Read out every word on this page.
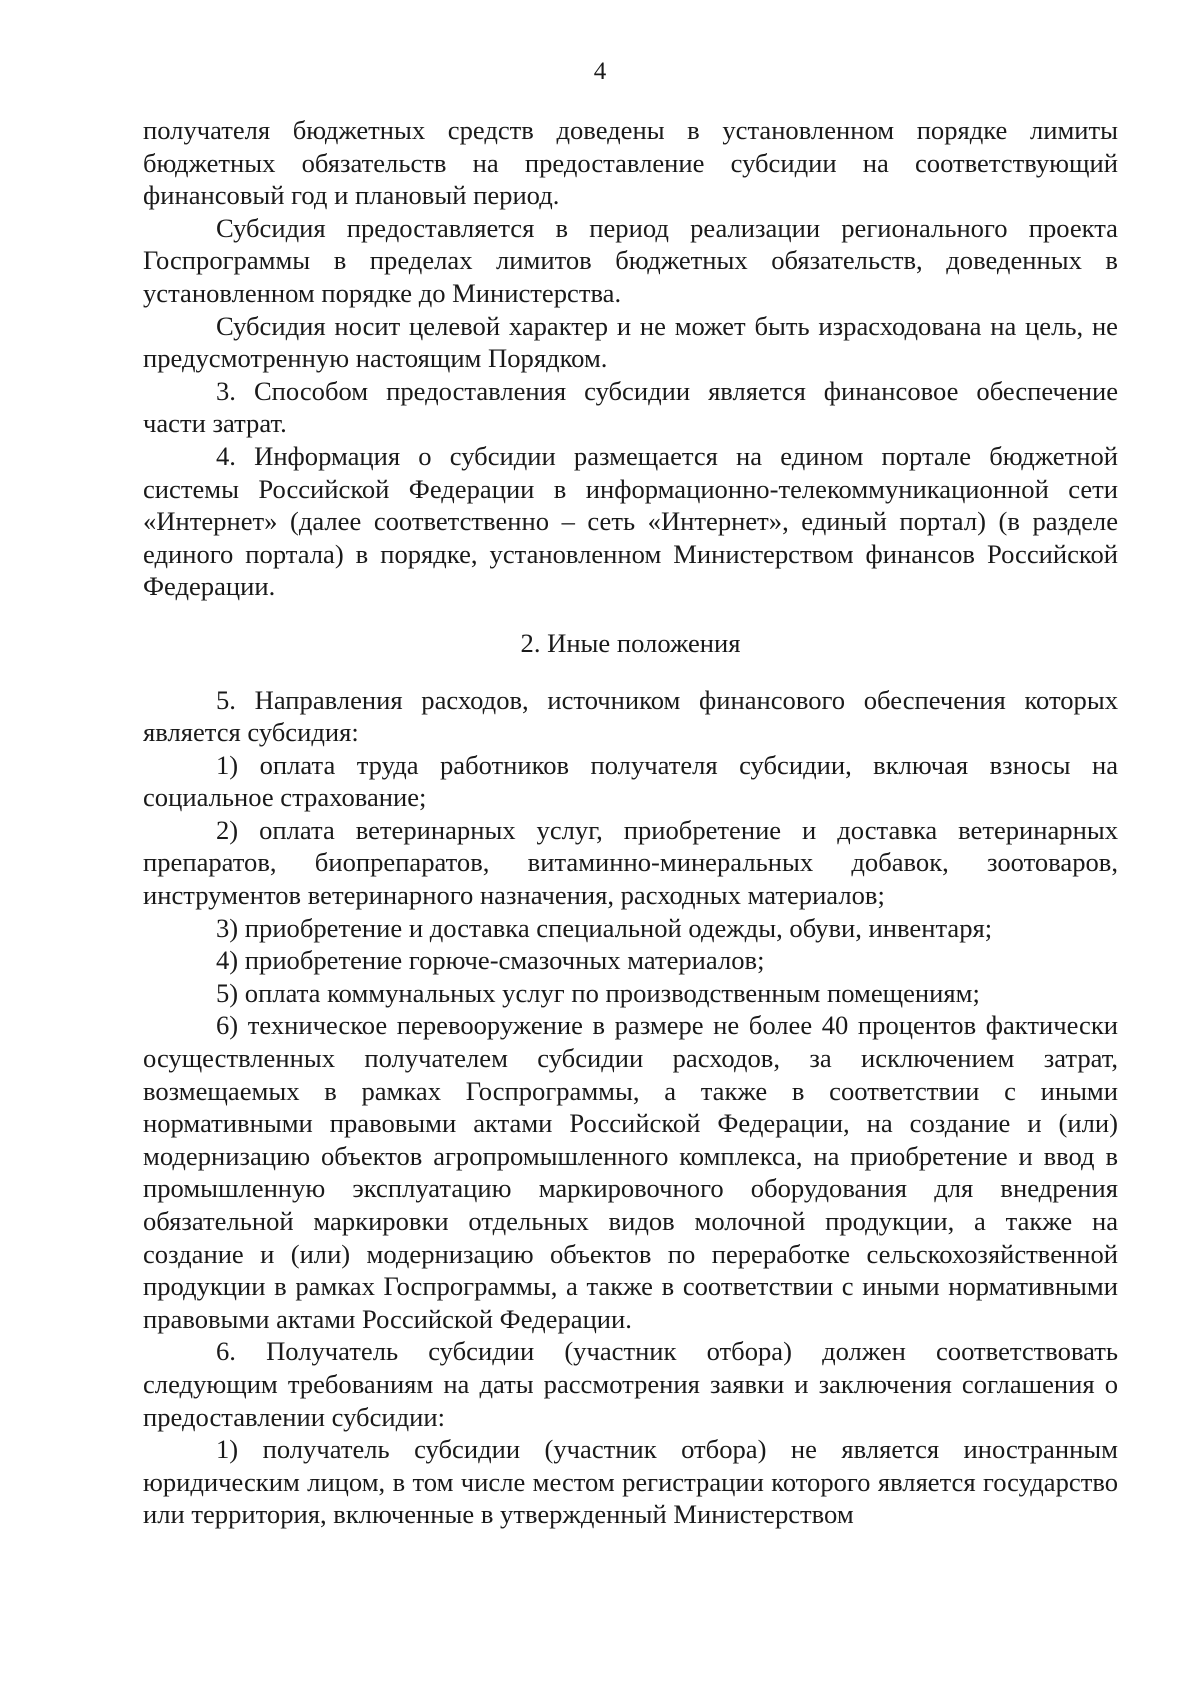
4

получателя бюджетных средств доведены в установленном порядке лимиты бюджетных обязательств на предоставление субсидии на соответствующий финансовый год и плановый период.

Субсидия предоставляется в период реализации регионального проекта Госпрограммы в пределах лимитов бюджетных обязательств, доведенных в установленном порядке до Министерства.

Субсидия носит целевой характер и не может быть израсходована на цель, не предусмотренную настоящим Порядком.

3. Способом предоставления субсидии является финансовое обеспечение части затрат.

4. Информация о субсидии размещается на едином портале бюджетной системы Российской Федерации в информационно-телекоммуникационной сети «Интернет» (далее соответственно – сеть «Интернет», единый портал) (в разделе единого портала) в порядке, установленном Министерством финансов Российской Федерации.

2. Иные положения

5. Направления расходов, источником финансового обеспечения которых является субсидия:

1) оплата труда работников получателя субсидии, включая взносы на социальное страхование;

2) оплата ветеринарных услуг, приобретение и доставка ветеринарных препаратов, биопрепаратов, витаминно-минеральных добавок, зоотоваров, инструментов ветеринарного назначения, расходных материалов;

3) приобретение и доставка специальной одежды, обуви, инвентаря;

4) приобретение горюче-смазочных материалов;

5) оплата коммунальных услуг по производственным помещениям;

6) техническое перевооружение в размере не более 40 процентов фактически осуществленных получателем субсидии расходов, за исключением затрат, возмещаемых в рамках Госпрограммы, а также в соответствии с иными нормативными правовыми актами Российской Федерации, на создание и (или) модернизацию объектов агропромышленного комплекса, на приобретение и ввод в промышленную эксплуатацию маркировочного оборудования для внедрения обязательной маркировки отдельных видов молочной продукции, а также на создание и (или) модернизацию объектов по переработке сельскохозяйственной продукции в рамках Госпрограммы, а также в соответствии с иными нормативными правовыми актами Российской Федерации.

6. Получатель субсидии (участник отбора) должен соответствовать следующим требованиям на даты рассмотрения заявки и заключения соглашения о предоставлении субсидии:

1) получатель субсидии (участник отбора) не является иностранным юридическим лицом, в том числе местом регистрации которого является государство или территория, включенные в утвержденный Министерством
